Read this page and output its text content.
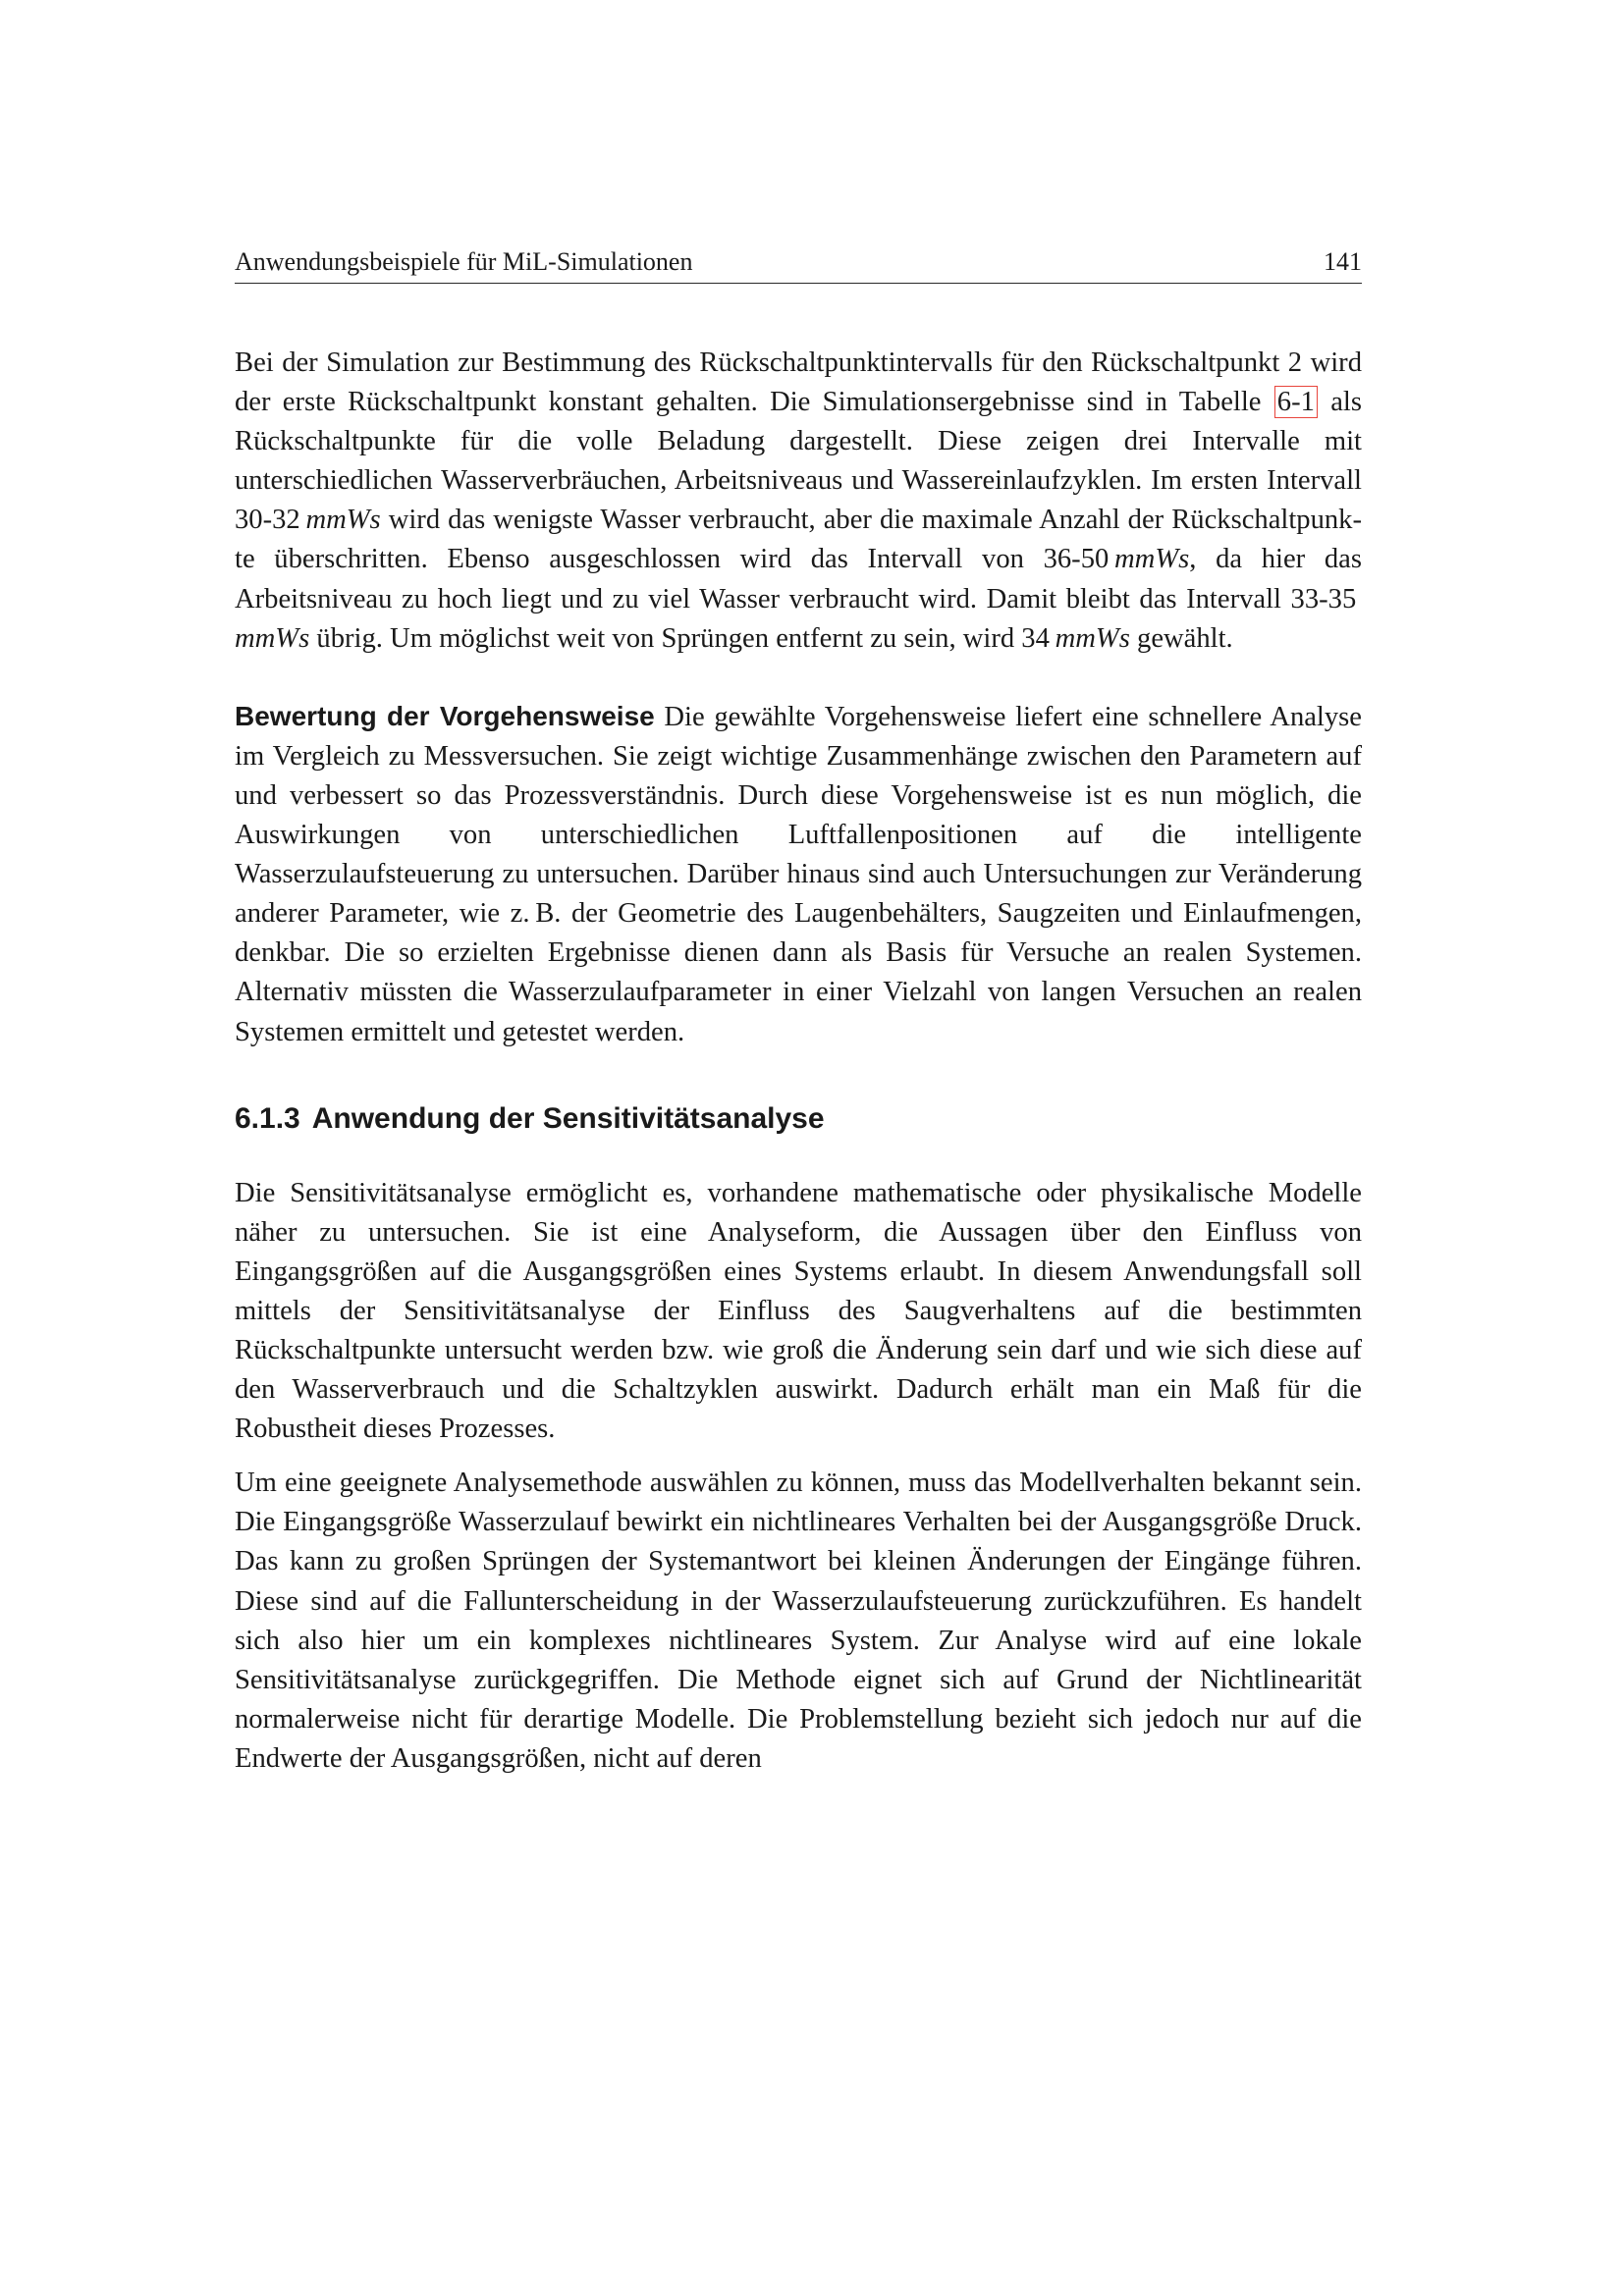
Anwendungsbeispiele für MiL-Simulationen	141

Bei der Simulation zur Bestimmung des Rückschaltpunktintervalls für den Rückschaltpunkt 2 wird der erste Rückschaltpunkt konstant gehalten. Die Simulationsergebnisse sind in Tabelle 6-1 als Rückschaltpunkte für die volle Beladung dargestellt. Diese zeigen drei Intervalle mit unterschiedlichen Wasserverbräuchen, Arbeitsniveaus und Wassereinlaufzyklen. Im ersten Intervall 30-32 mmWs wird das wenigste Wasser verbraucht, aber die maximale Anzahl der Rückschaltpunkte überschritten. Ebenso ausgeschlossen wird das Intervall von 36-50 mmWs, da hier das Arbeitsniveau zu hoch liegt und zu viel Wasser verbraucht wird. Damit bleibt das Intervall 33-35 mmWs übrig. Um möglichst weit von Sprüngen entfernt zu sein, wird 34 mmWs gewählt.

Bewertung der Vorgehensweise Die gewählte Vorgehensweise liefert eine schnellere Analyse im Vergleich zu Messversuchen. Sie zeigt wichtige Zusammenhänge zwischen den Parametern auf und verbessert so das Prozessverständnis. Durch diese Vorgehensweise ist es nun möglich, die Auswirkungen von unterschiedlichen Luftfallenpositionen auf die intelligente Wasserzulaufsteuerung zu untersuchen. Darüber hinaus sind auch Untersuchungen zur Veränderung anderer Parameter, wie z. B. der Geometrie des Laugenbehälters, Saugzeiten und Einlaufmengen, denkbar. Die so erzielten Ergebnisse dienen dann als Basis für Versuche an realen Systemen. Alternativ müssten die Wasserzulaufparameter in einer Vielzahl von langen Versuchen an realen Systemen ermittelt und getestet werden.

6.1.3 Anwendung der Sensitivitätsanalyse

Die Sensitivitätsanalyse ermöglicht es, vorhandene mathematische oder physikalische Modelle näher zu untersuchen. Sie ist eine Analyseform, die Aussagen über den Einfluss von Eingangsgrößen auf die Ausgangsgrößen eines Systems erlaubt. In diesem Anwendungsfall soll mittels der Sensitivitätsanalyse der Einfluss des Saugverhaltens auf die bestimmten Rückschaltpunkte untersucht werden bzw. wie groß die Änderung sein darf und wie sich diese auf den Wasserverbrauch und die Schaltzyklen auswirkt. Dadurch erhält man ein Maß für die Robustheit dieses Prozesses.

Um eine geeignete Analysemethode auswählen zu können, muss das Modellverhalten bekannt sein. Die Eingangsgröße Wasserzulauf bewirkt ein nichtlineares Verhalten bei der Ausgangsgröße Druck. Das kann zu großen Sprüngen der Systemantwort bei kleinen Änderungen der Eingänge führen. Diese sind auf die Fallunterscheidung in der Wasserzulaufsteuerung zurückzuführen. Es handelt sich also hier um ein komplexes nichtlineares System. Zur Analyse wird auf eine lokale Sensitivitätsanalyse zurückgegriffen. Die Methode eignet sich auf Grund der Nichtlinearität normalerweise nicht für derartige Modelle. Die Problemstellung bezieht sich jedoch nur auf die Endwerte der Ausgangsgrößen, nicht auf deren
